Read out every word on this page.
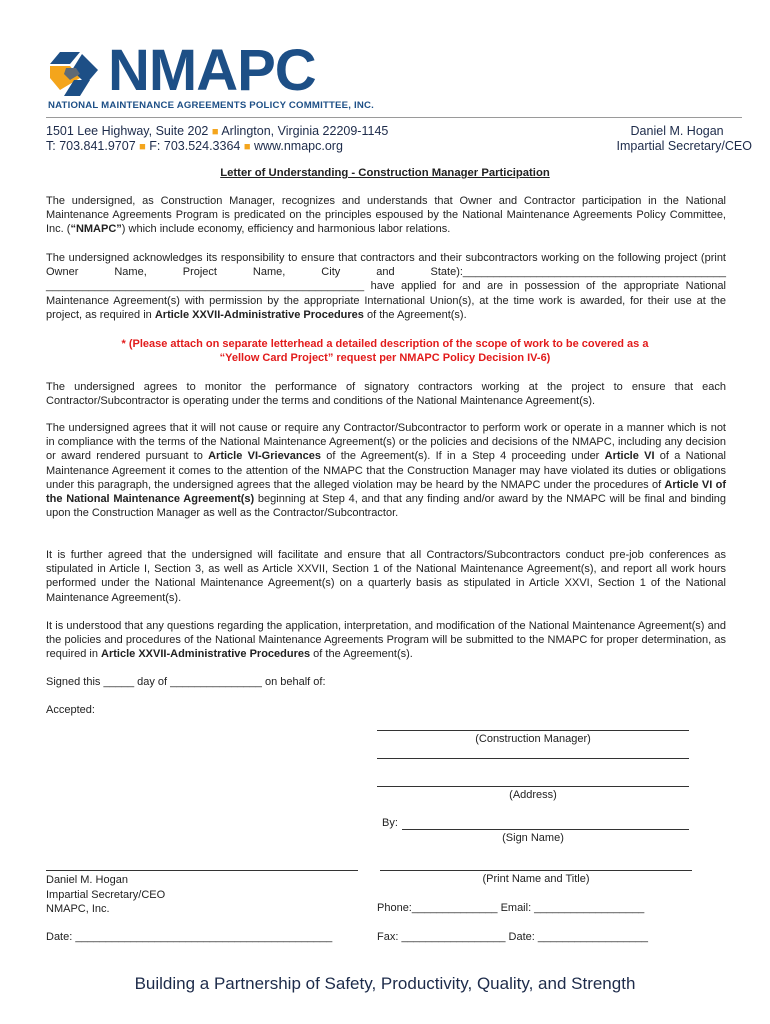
NMAPC
NATIONAL MAINTENANCE AGREEMENTS POLICY COMMITTEE, INC.
1501 Lee Highway, Suite 202 ■ Arlington, Virginia 22209-1145
T: 703.841.9707 ■ F: 703.524.3364 ■ www.nmapc.org
Daniel M. Hogan
Impartial Secretary/CEO
Letter of Understanding - Construction Manager Participation
The undersigned, as Construction Manager, recognizes and understands that Owner and Contractor participation in the National Maintenance Agreements Program is predicated on the principles espoused by the National Maintenance Agreements Policy Committee, Inc. (“NMAPC”) which include economy, efficiency and harmonious labor relations.
The undersigned acknowledges its responsibility to ensure that contractors and their subcontractors working on the following project (print Owner Name, Project Name, City and State):___________________________________________ ____________________________________________________ have applied for and are in possession of the appropriate National Maintenance Agreement(s) with permission by the appropriate International Union(s), at the time work is awarded, for their use at the project, as required in Article XXVII-Administrative Procedures of the Agreement(s).
* (Please attach on separate letterhead a detailed description of the scope of work to be covered as a
“Yellow Card Project” request per NMAPC Policy Decision IV-6)
The undersigned agrees to monitor the performance of signatory contractors working at the project to ensure that each Contractor/Subcontractor is operating under the terms and conditions of the National Maintenance Agreement(s).
The undersigned agrees that it will not cause or require any Contractor/Subcontractor to perform work or operate in a manner which is not in compliance with the terms of the National Maintenance Agreement(s) or the policies and decisions of the NMAPC, including any decision or award rendered pursuant to Article VI-Grievances of the Agreement(s). If in a Step 4 proceeding under Article VI of a National Maintenance Agreement it comes to the attention of the NMAPC that the Construction Manager may have violated its duties or obligations under this paragraph, the undersigned agrees that the alleged violation may be heard by the NMAPC under the procedures of Article VI of the National Maintenance Agreement(s) beginning at Step 4, and that any finding and/or award by the NMAPC will be final and binding upon the Construction Manager as well as the Contractor/Subcontractor.
It is further agreed that the undersigned will facilitate and ensure that all Contractors/Subcontractors conduct pre-job conferences as stipulated in Article I, Section 3, as well as Article XXVII, Section 1 of the National Maintenance Agreement(s), and report all work hours performed under the National Maintenance Agreement(s) on a quarterly basis as stipulated in Article XXVI, Section 1 of the National Maintenance Agreement(s).
It is understood that any questions regarding the application, interpretation, and modification of the National Maintenance Agreement(s) and the policies and procedures of the National Maintenance Agreements Program will be submitted to the NMAPC for proper determination, as required in Article XXVII-Administrative Procedures of the Agreement(s).
Signed this _____ day of _______________ on behalf of:
Accepted:
(Construction Manager)
(Address)
By:
(Sign Name)
(Print Name and Title)
Daniel M. Hogan
Impartial Secretary/CEO
NMAPC, Inc.	Phone:______________ Email: __________________
Date: __________________________________________	Fax: _________________ Date: __________________
Building a Partnership of Safety, Productivity, Quality, and Strength
